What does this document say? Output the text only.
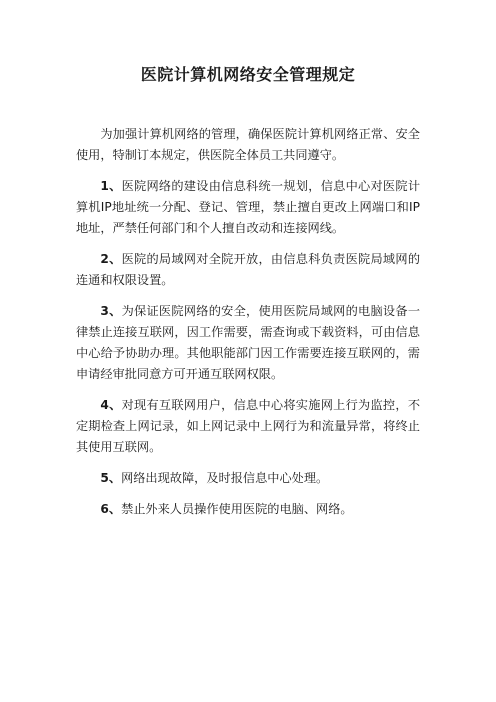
医院计算机网络安全管理规定

为加强计算机网络的管理，确保医院计算机网络正常、安全使用，特制订本规定，供医院全体员工共同遵守。

1、医院网络的建设由信息科统一规划，信息中心对医院计算机IP地址统一分配、登记、管理，禁止擅自更改上网端口和IP地址，严禁任何部门和个人擅自改动和连接网线。

2、医院的局域网对全院开放，由信息科负责医院局域网的连通和权限设置。

3、为保证医院网络的安全，使用医院局域网的电脑设备一律禁止连接互联网，因工作需要，需查询或下载资料，可由信息中心给予协助办理。其他职能部门因工作需要连接互联网的，需申请经审批同意方可开通互联网权限。

4、对现有互联网用户，信息中心将实施网上行为监控，不定期检查上网记录，如上网记录中上网行为和流量异常，将终止其使用互联网。

5、网络出现故障，及时报信息中心处理。

6、禁止外来人员操作使用医院的电脑、网络。
